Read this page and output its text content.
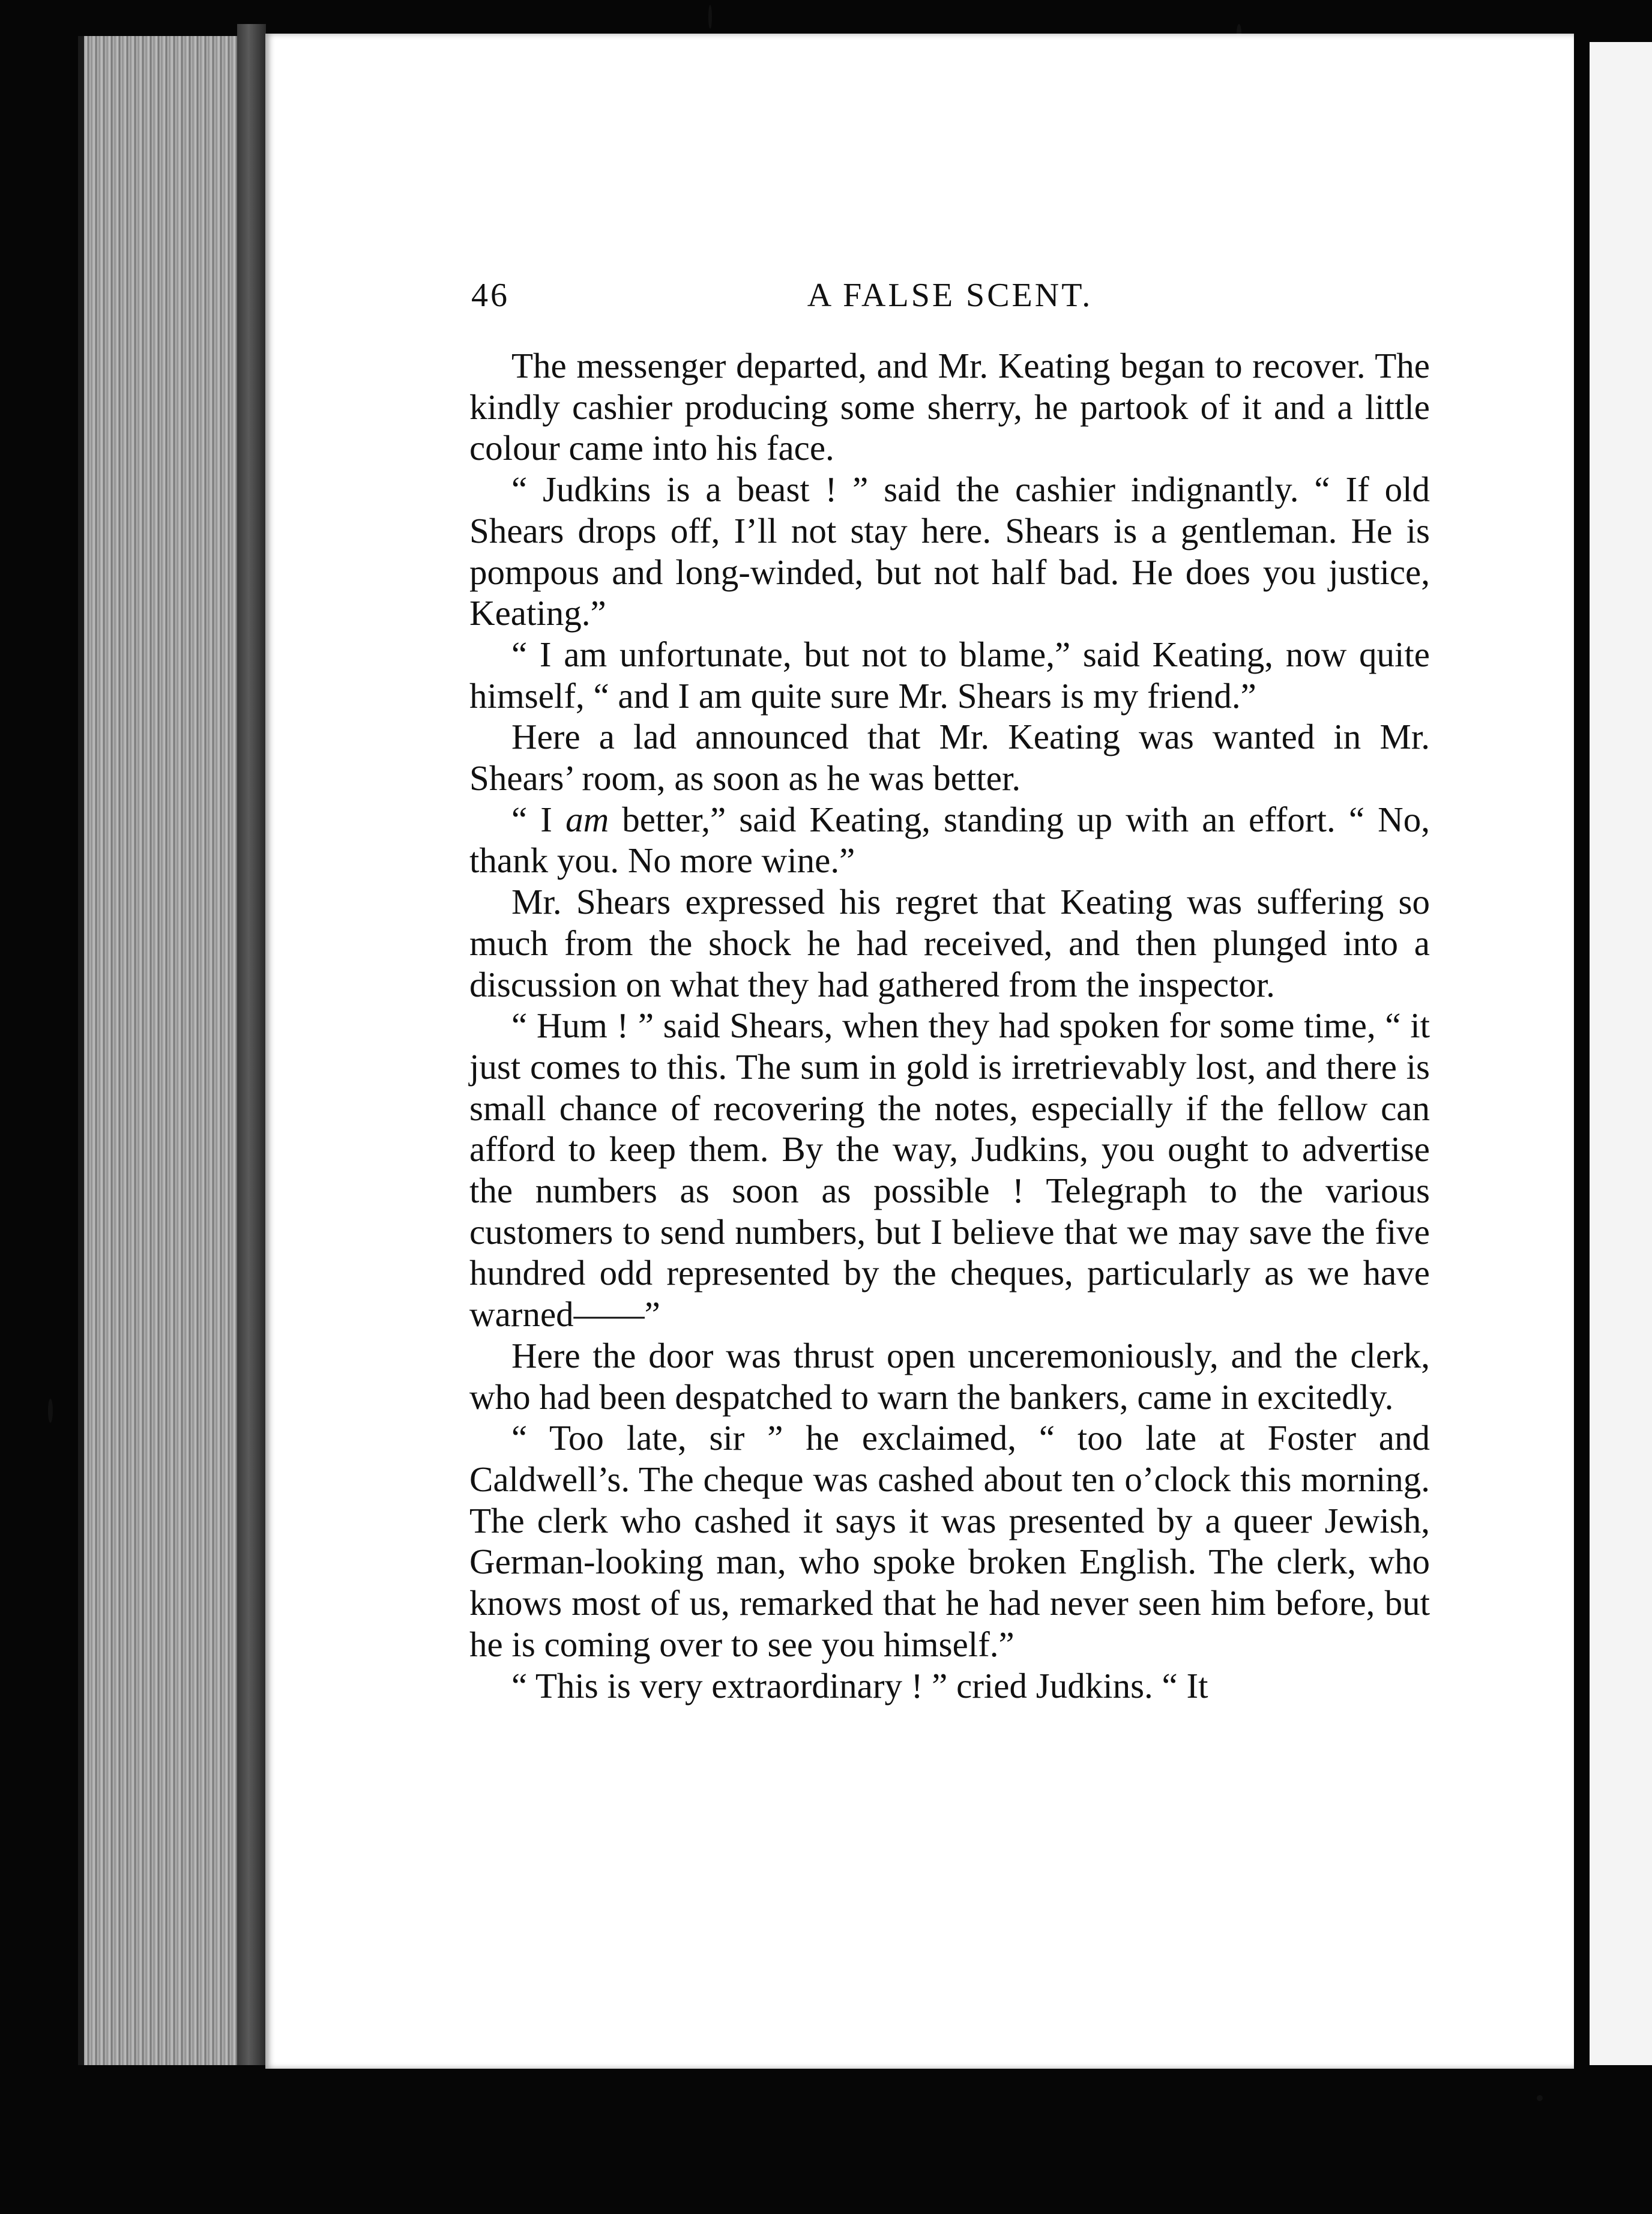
46	A FALSE SCENT.

The messenger departed, and Mr. Keating began to recover. The kindly cashier producing some sherry, he partook of it and a little colour came into his face.

“ Judkins is a beast ! ” said the cashier indignantly. “ If old Shears drops off, I’ll not stay here. Shears is a gentleman. He is pompous and long-winded, but not half bad. He does you justice, Keating.”

“ I am unfortunate, but not to blame,” said Keating, now quite himself, “ and I am quite sure Mr. Shears is my friend.”

Here a lad announced that Mr. Keating was wanted in Mr. Shears’ room, as soon as he was better.

“ I am better,” said Keating, standing up with an effort. “ No, thank you. No more wine.”

Mr. Shears expressed his regret that Keating was suffering so much from the shock he had received, and then plunged into a discussion on what they had gathered from the inspector.

“ Hum ! ” said Shears, when they had spoken for some time, “ it just comes to this. The sum in gold is irretrievably lost, and there is small chance of recovering the notes, especially if the fellow can afford to keep them. By the way, Judkins, you ought to advertise the numbers as soon as possible ! Telegraph to the various customers to send numbers, but I believe that we may save the five hundred odd represented by the cheques, particularly as we have warned——”

Here the door was thrust open unceremoniously, and the clerk, who had been despatched to warn the bankers, came in excitedly.

“ Too late, sir ” he exclaimed, “ too late at Foster and Caldwell’s. The cheque was cashed about ten o’clock this morning. The clerk who cashed it says it was presented by a queer Jewish, German-looking man, who spoke broken English. The clerk, who knows most of us, remarked that he had never seen him before, but he is coming over to see you himself.”

“ This is very extraordinary ! ” cried Judkins. “ It
